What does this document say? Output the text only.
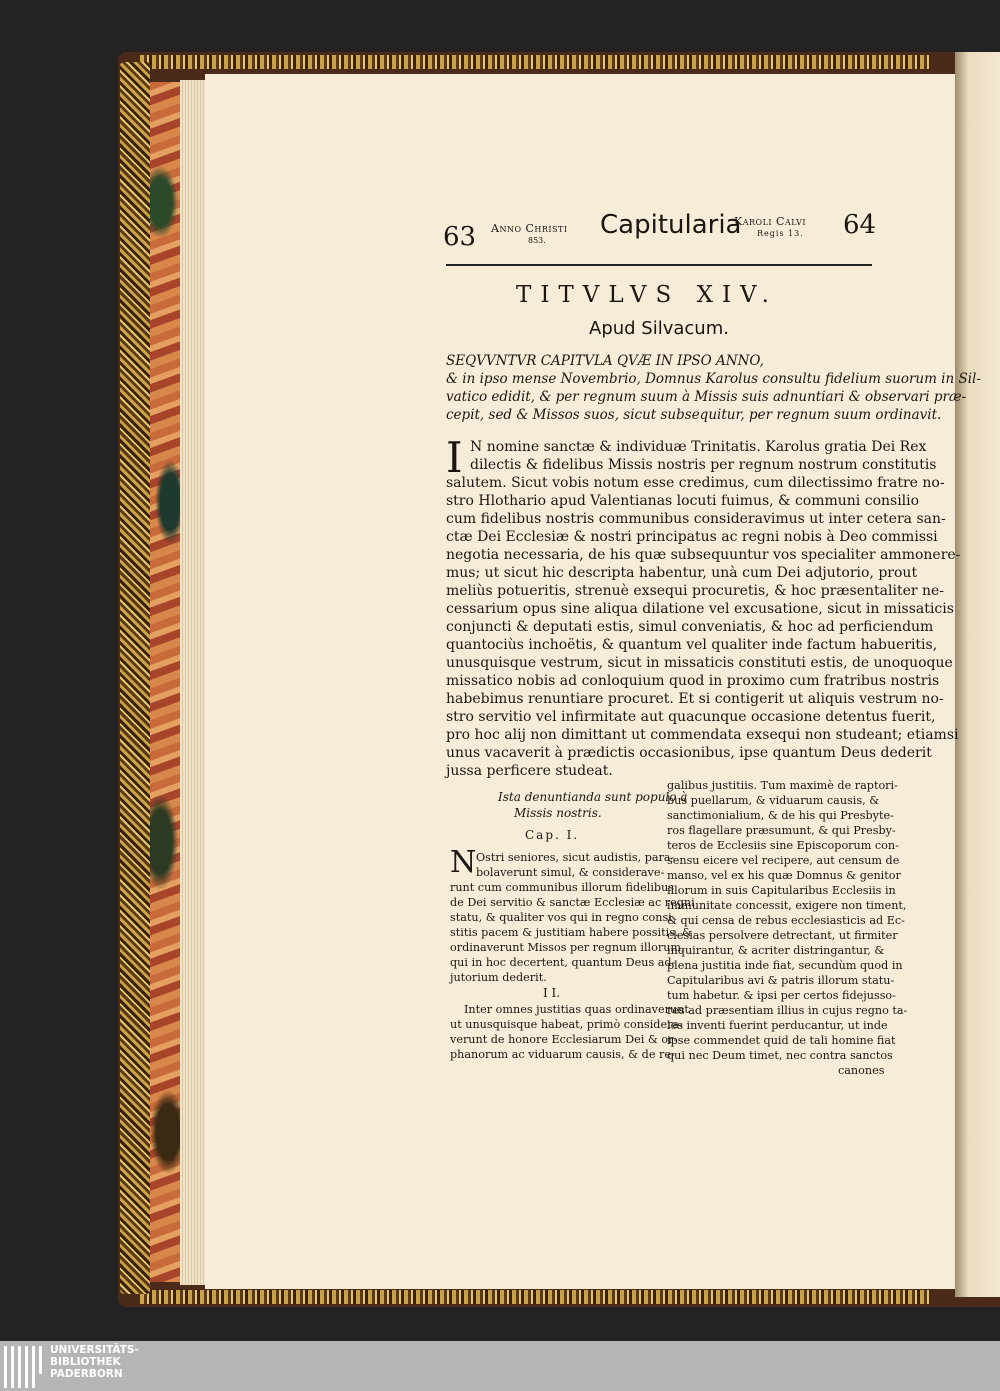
63 Anno Christi
853.
Capitularia
Karoli Calvi
Regis 13. 64
TITVLVS XIV.
Apud Silvacum.
SEQVVNTVR CAPITVLA QVÆ IN IPSO ANNO,
& in ipso mense Novembrio, Domnus Karolus consultu fidelium suorum in Sil-
vatico edidit, & per regnum suum à Missis suis adnuntiari & observari præ-
cepit, sed & Missos suos, sicut subsequitur, per regnum suum ordinavit.
I N nomine sanctæ & individuæ Trinitatis. Karolus gratia Dei Rex
dilectis & fidelibus Missis nostris per regnum nostrum constitutis
salutem. Sicut vobis notum esse credimus, cum dilectissimo fratre no-
stro Hlothario apud Valentianas locuti fuimus, & communi consilio
cum fidelibus nostris communibus consideravimus ut inter cetera san-
ctæ Dei Ecclesiæ & nostri principatus ac regni nobis à Deo commissi
negotia necessaria, de his quæ subsequuntur vos specialiter ammonere-
mus; ut sicut hic descripta habentur, unà cum Dei adjutorio, prout
meliùs potueritis, strenuè exsequi procuretis, & hoc præsentaliter ne-
cessarium opus sine aliqua dilatione vel excusatione, sicut in missaticis
conjuncti & deputati estis, simul conveniatis, & hoc ad perficiendum
quantociùs inchoëtis, & quantum vel qualiter inde factum habueritis,
unusquisque vestrum, sicut in missaticis constituti estis, de unoquoque
missatico nobis ad conloquium quod in proximo cum fratribus nostris
habebimus renuntiare procuret. Et si contigerit ut aliquis vestrum no-
stro servitio vel infirmitate aut quacunque occasione detentus fuerit,
pro hoc alij non dimittant ut commendata exsequi non studeant; etiamsi
unus vacaverit à prædictis occasionibus, ipse quantum Deus dederit
jussa perficere studeat.
Ista denuntianda sunt populo à
Missis nostris.
Cap. I.
N Ostri seniores, sicut audistis, para-
bolaverunt simul, & considerave-
runt cum communibus illorum fidelibus
de Dei servitio & sanctæ Ecclesiæ ac regni
statu, & qualiter vos qui in regno consi-
stitis pacem & justitiam habere possitis. &
ordinaverunt Missos per regnum illorum,
qui in hoc decertent, quantum Deus ad-
jutorium dederit.
I I.
Inter omnes justitias quas ordinaverunt
ut unusquisque habeat, primò considera-
verunt de honore Ecclesiarum Dei & or-
phanorum ac viduarum causis, & de re-
galibus justitiis. Tum maximè de raptori-
bus puellarum, & viduarum causis, &
sanctimonialium, & de his qui Presbyte-
ros flagellare præsumunt, & qui Presby-
teros de Ecclesiis sine Episcoporum con-
sensu eicere vel recipere, aut censum de
manso, vel ex his quæ Domnus & genitor
illorum in suis Capitularibus Ecclesiis in
immunitate concessit, exigere non timent,
& qui censa de rebus ecclesiasticis ad Ec-
clesias persolvere detrectant, ut firmiter
inquirantur, & acriter distringantur, &
plena justitia inde fiat, secundùm quod in
Capitularibus avi & patris illorum statu-
tum habetur. & ipsi per certos fidejusso-
res ad præsentiam illius in cujus regno ta-
les inventi fuerint perducantur, ut inde
ipse commendet quid de tali homine fiat
qui nec Deum timet, nec contra sanctos
canones
UNIVERSITÄTS-
BIBLIOTHEK
PADERBORN
